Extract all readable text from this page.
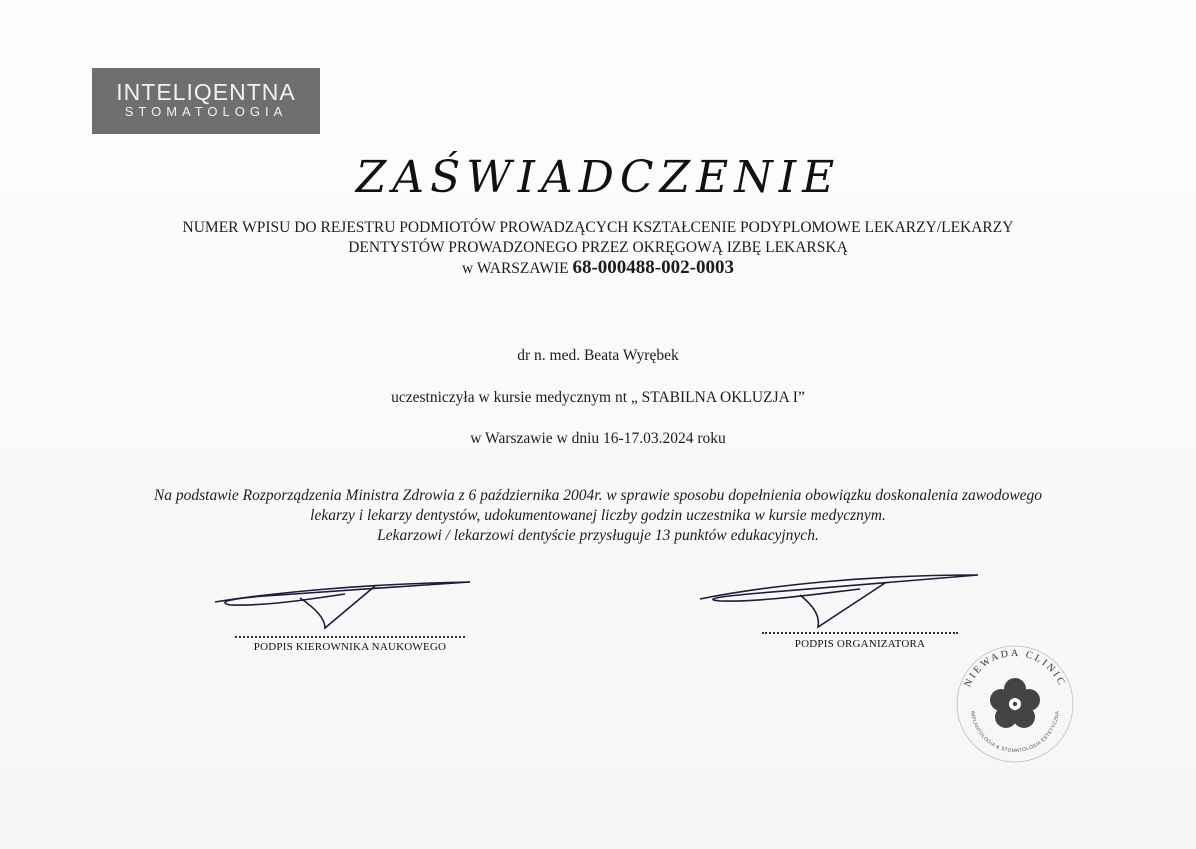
INTELIQENTNA
STOMATOLOGIA
ZAŚWIADCZENIE
NUMER WPISU DO REJESTRU PODMIOTÓW PROWADZĄCYCH KSZTAŁCENIE PODYPLOMOWE LEKARZY/LEKARZY
DENTYSTÓW PROWADZONEGO PRZEZ OKRĘGOWĄ IZBĘ LEKARSKĄ
w WARSZAWIE 68-000488-002-0003
dr n. med. Beata Wyrębek
uczestniczyła w kursie medycznym nt „ STABILNA OKLUZJA I”
w Warszawie w dniu 16-17.03.2024 roku
Na podstawie Rozporządzenia Ministra Zdrowia z 6 października 2004r. w sprawie sposobu dopełnienia obowiązku doskonalenia zawodowego
lekarzy i lekarzy dentystów, udokumentowanej liczby godzin uczestnika w kursie medycznym.
Lekarzowi / lekarzowi dentyście przysługuje 13 punktów edukacyjnych.
PODPIS KIEROWNIKA NAUKOWEGO	PODPIS ORGANIZATORA
NIEWADA CLINIC
IMPLANTOLOGIA & STOMATOLOGIA ESTETYCZNA
